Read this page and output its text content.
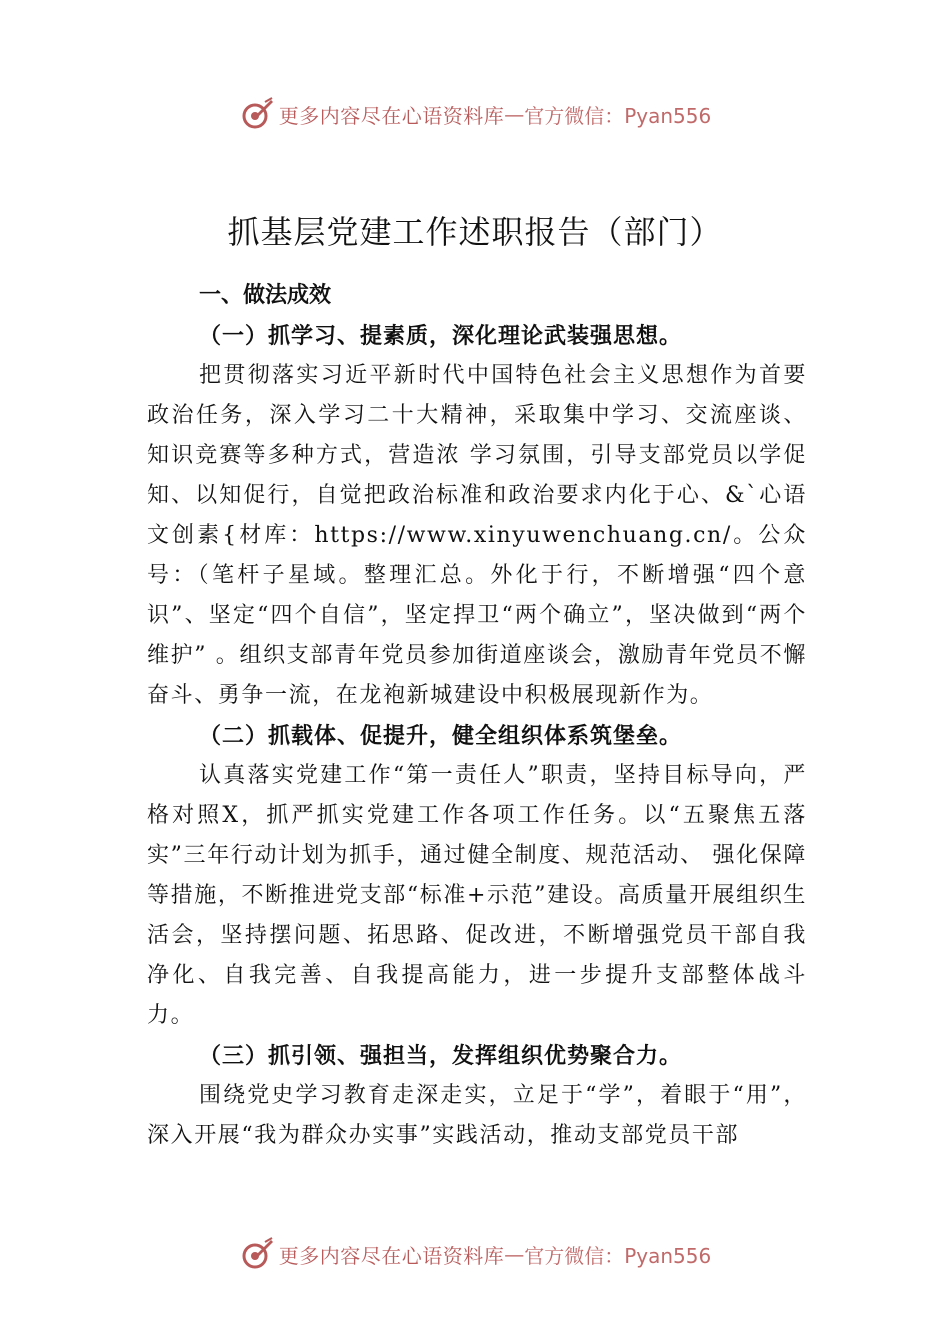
更多内容尽在心语资料库 — 官方微信：Pyan556
抓基层党建工作述职报告（部门）
一、做法成效
（一）抓学习、提素质，深化理论武装强思想。

把贯彻落实习近平新时代中国特色社会主义思想作为首要政治任务，深入学习二十大精神，采取集中学习、交流座谈、知识竞赛等多种方式，营造浓 学习氛围，引导支部党员以学促知、以知促行，自觉把政治标准和政治要求内化于心、&`心语文创素{材库：https://www.xinyuwenchuang.cn/。公众号：（笔杆子星域。整理汇总。外化于行，不断增强“四个意识”、坚定“四个自信”，坚定捍卫“两个确立”，坚决做到“两个维护” 。组织支部青年党员参加街道座谈会，激励青年党员不懈奋斗、勇争一流，在龙袍新城建设中积极展现新作为。

（二）抓载体、促提升，健全组织体系筑堡垒。

认真落实党建工作“第一责任人”职责，坚持目标导向，严格对照X，抓严抓实党建工作各项工作任务。以“五聚焦五落实”三年行动计划为抓手，通过健全制度、规范活动、 强化保障等措施，不断推进党支部“标准+示范”建设。高质量开展组织生活会，坚持摆问题、拓思路、促改进，不断增强党员干部自我净化、自我完善、自我提高能力，进一步提升支部整体战斗力。

（三）抓引领、强担当，发挥组织优势聚合力。

围绕党史学习教育走深走实，立足于“学”，着眼于“用”，深入开展“我为群众办实事”实践活动，推动支部党员干部

更多内容尽在心语资料库 — 官方微信：Pyan556
